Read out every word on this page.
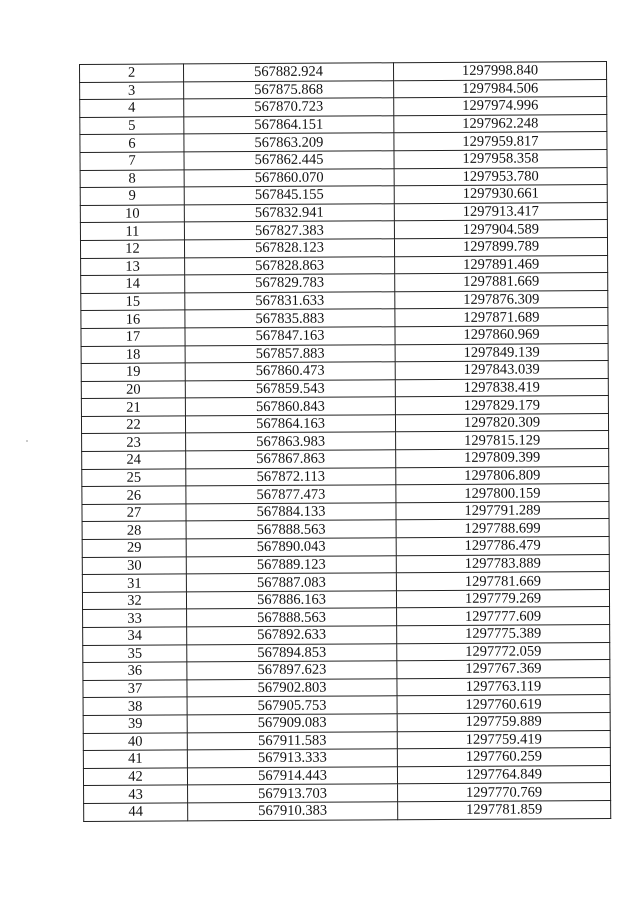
2	567882.924	1297998.840
3	567875.868	1297984.506
4	567870.723	1297974.996
5	567864.151	1297962.248
6	567863.209	1297959.817
7	567862.445	1297958.358
8	567860.070	1297953.780
9	567845.155	1297930.661
10	567832.941	1297913.417
11	567827.383	1297904.589
12	567828.123	1297899.789
13	567828.863	1297891.469
14	567829.783	1297881.669
15	567831.633	1297876.309
16	567835.883	1297871.689
17	567847.163	1297860.969
18	567857.883	1297849.139
19	567860.473	1297843.039
20	567859.543	1297838.419
21	567860.843	1297829.179
22	567864.163	1297820.309
23	567863.983	1297815.129
24	567867.863	1297809.399
25	567872.113	1297806.809
26	567877.473	1297800.159
27	567884.133	1297791.289
28	567888.563	1297788.699
29	567890.043	1297786.479
30	567889.123	1297783.889
31	567887.083	1297781.669
32	567886.163	1297779.269
33	567888.563	1297777.609
34	567892.633	1297775.389
35	567894.853	1297772.059
36	567897.623	1297767.369
37	567902.803	1297763.119
38	567905.753	1297760.619
39	567909.083	1297759.889
40	567911.583	1297759.419
41	567913.333	1297760.259
42	567914.443	1297764.849
43	567913.703	1297770.769
44	567910.383	1297781.859
